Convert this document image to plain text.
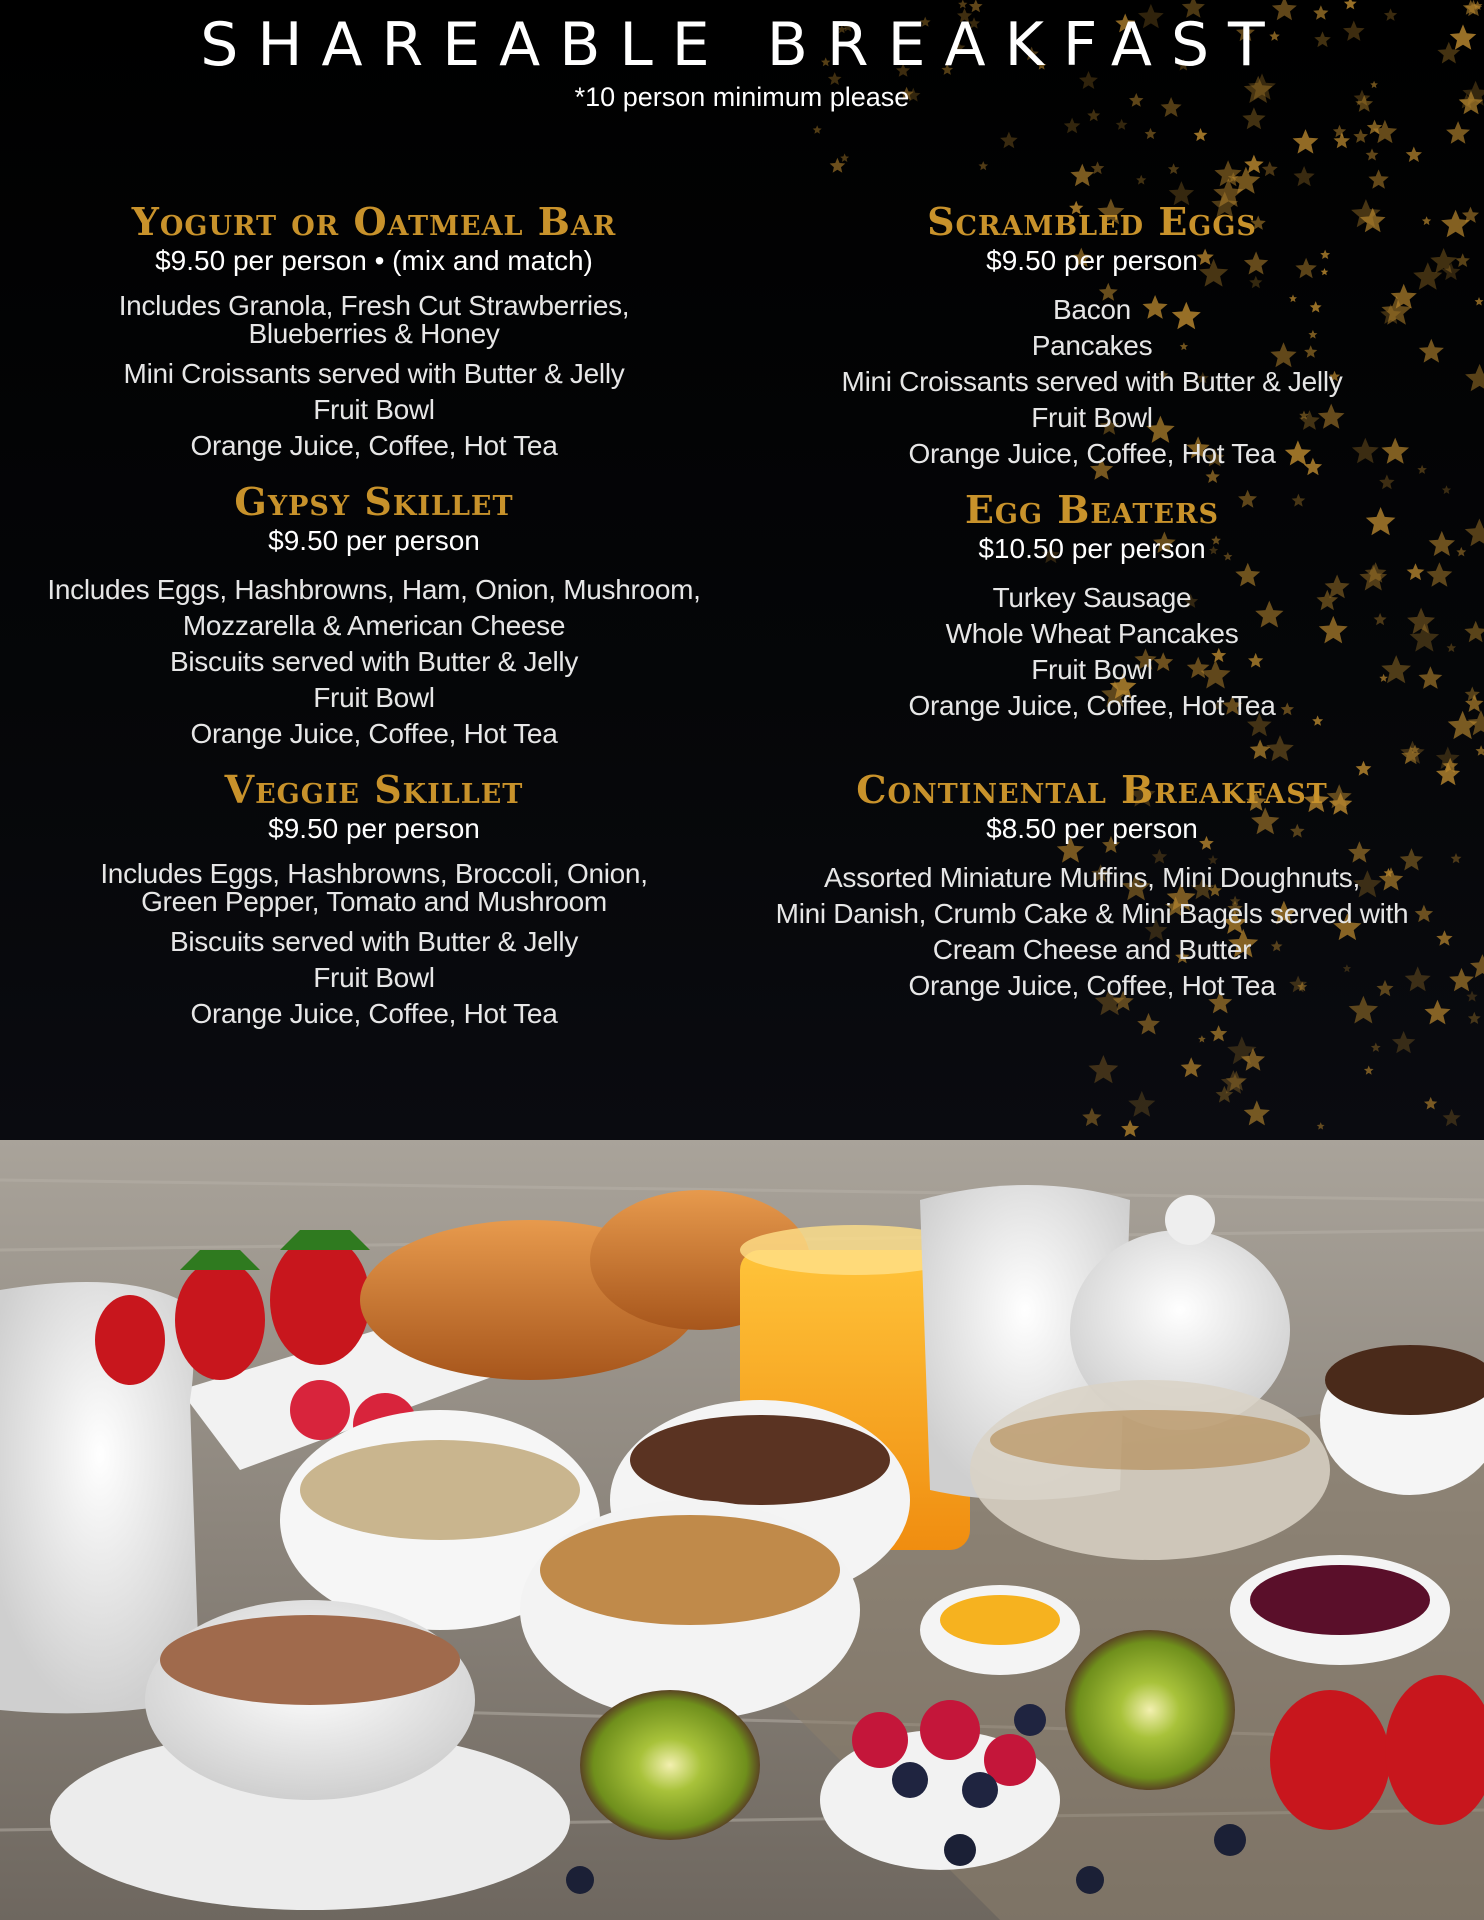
SHAREABLE BREAKFAST

*10 person minimum please

Yogurt or Oatmeal Bar

$9.50 per person • (mix and match)

Includes Granola, Fresh Cut Strawberries, Blueberries & Honey
Mini Croissants served with Butter & Jelly
Fruit Bowl
Orange Juice, Coffee, Hot Tea
Gypsy Skillet

$9.50 per person

Includes Eggs, Hashbrowns, Ham, Onion, Mushroom,
Mozzarella & American Cheese
Biscuits served with Butter & Jelly
Fruit Bowl
Orange Juice, Coffee, Hot Tea
Veggie Skillet

$9.50 per person

Includes Eggs, Hashbrowns, Broccoli, Onion, Green Pepper, Tomato and Mushroom
Biscuits served with Butter & Jelly
Fruit Bowl
Orange Juice, Coffee, Hot Tea
Scrambled Eggs

$9.50 per person

Bacon
Pancakes
Mini Croissants served with Butter & Jelly
Fruit Bowl
Orange Juice, Coffee, Hot Tea
Egg Beaters

$10.50 per person

Turkey Sausage
Whole Wheat Pancakes
Fruit Bowl
Orange Juice, Coffee, Hot Tea
Continental Breakfast

$8.50 per person

Assorted Miniature Muffins, Mini Doughnuts,
Mini Danish, Crumb Cake & Mini Bagels served with
Cream Cheese and Butter
Orange Juice, Coffee, Hot Tea
